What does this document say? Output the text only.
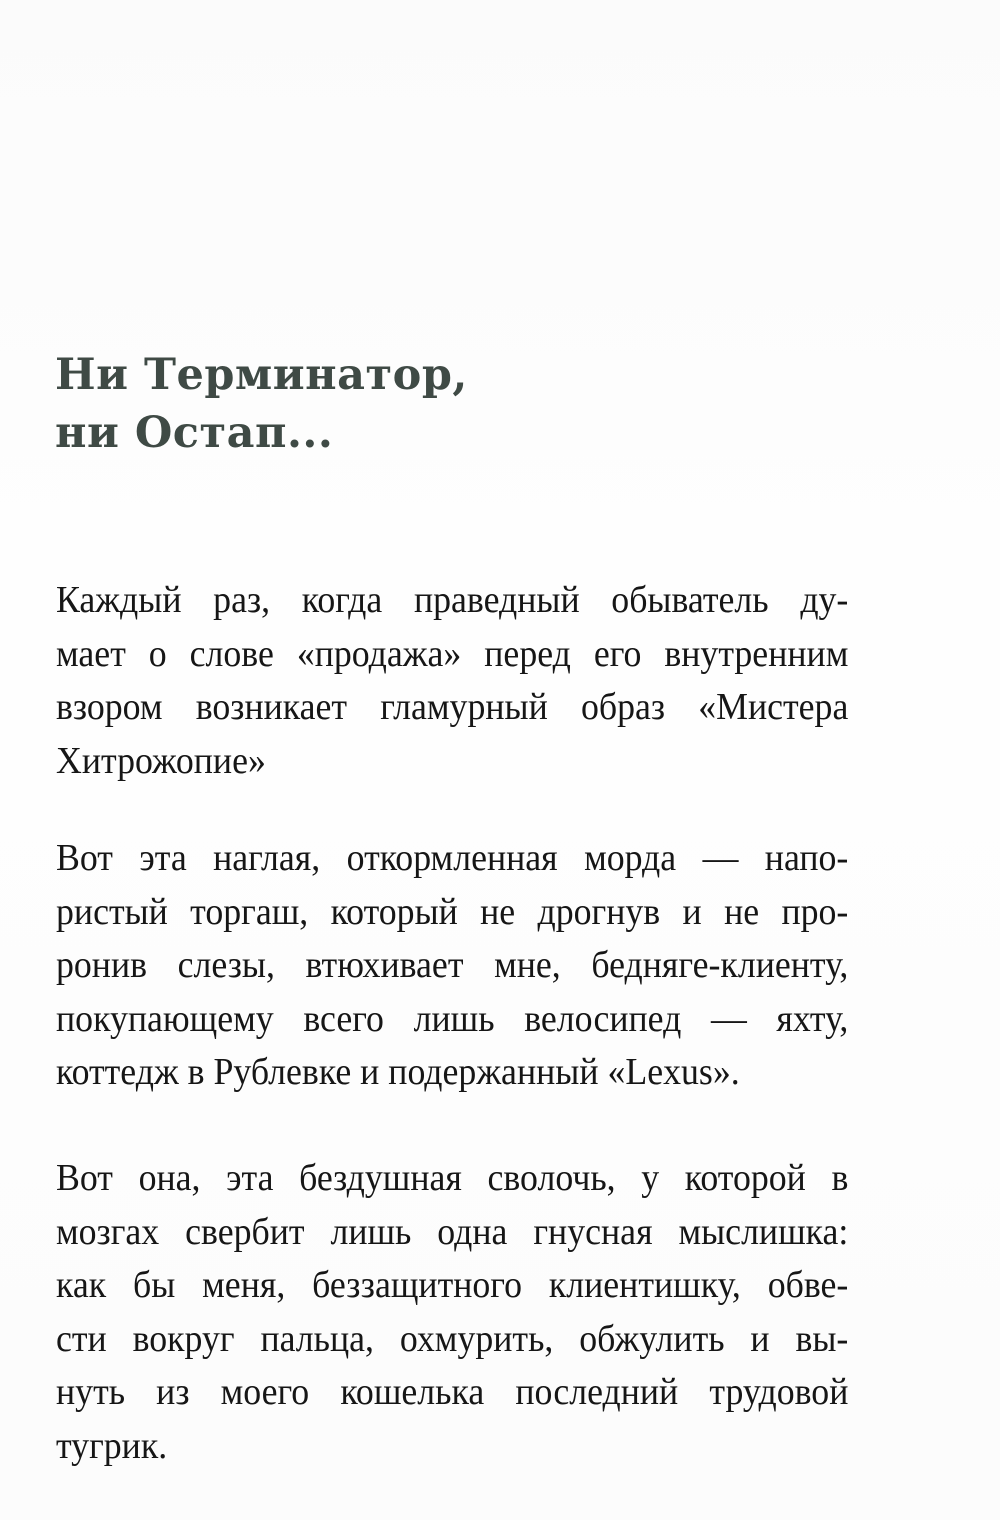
Ни Терминатор,
ни Остап...

Каждый раз, когда праведный обыватель ду-
мает о слове «продажа» перед его внутренним
взором возникает гламурный образ «Мистера
Хитрожопие»

Вот эта наглая, откормленная морда — напо-
ристый торгаш, который не дрогнув и не про-
ронив слезы, втюхивает мне, бедняге-клиенту,
покупающему всего лишь велосипед — яхту,
коттедж в Рублевке и подержанный «Lexus».

Вот она, эта бездушная сволочь, у которой в
мозгах свербит лишь одна гнусная мыслишка:
как бы меня, беззащитного клиентишку, обве-
сти вокруг пальца, охмурить, обжулить и вы-
нуть из моего кошелька последний трудовой
тугрик.
